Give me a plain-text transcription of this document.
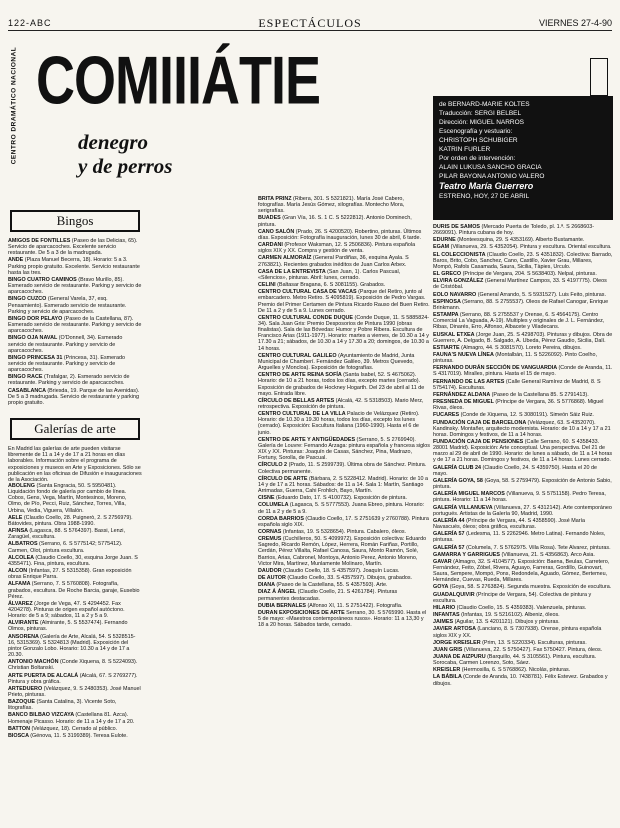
122-ABC	ESPECTÁCULOS	VIERNES 27-4-90
CENTRO DRAMÁTICO NACIONAL COMIIIÁTIE
denegro
y de perros
de BERNARD-MARIE KOLTES
Traducción: SERGI BELBEL
Dirección: MIGUEL NARROS
Escenografía y vestuario:
CHRISTOPH SCHUBIGER
KATRIN FURLER
Por orden de intervención:
ALAIN LUKUSA SANCHO GRACIA
PILAR BAYONA ANTONIO VALERO
Teatro María Guerrero
ESTRENO, HOY, 27 DE ABRIL
Bingos
AMIGOS DE FONTILLES (Paseo de las Delicias, 65). Servicio de aparcacoches. Excelente servicio restaurante. De 5 a 3 de la madrugada.
ANDE (Plaza Manuel Becerra, 18). Horario: 5 a 3. Parking propio gratuito. Excelente. Servicio restaurante hasta las tres.
BINGO CUATRO CAMINOS (Bravo Murillo, 85). Esmerado servicio de restaurante. Parking y servicio de aparcacoches.
BINGO CUZCO (General Varela, 37, esq. Pensamiento). Esmerado servicio de restaurante. Parking y servicio de aparcacoches.
BINGO DOR PELAYO (Paseo de la Castellana, 87). Esmerado servicio de restaurante. Parking y servicio de aparcacoches.
BINGO OJA NAVAL (O'Donnell, 34). Esmerado servicio de restaurante. Parking y servicio de aparcacoches.
BINGO PRINCESA 31 (Princesa, 31). Esmerado servicio de restaurante. Parking y servicio de aparcacoches.
BINGO RACE (Trafalgar, 2). Esmerado servicio de restaurante. Parking y servicio de aparcacoches.
CASABLANCA (Briesda, 19. Parque de las Avenidas). De 5 a 3 madrugada. Servicio de restaurante y parking propio gratuito.
Galerías de arte
En Madrid las galerías de arte pueden visitarse libremente de 11 a 14 y de 17 a 21 horas en días laborables. Información sobre el programa de exposiciones y museos en Arte y Exposiciones. Sólo se publicación en las oficinas de Difusión e inauguraciones de la Asociación.
ABOLENG (Santa Engracia, 50. S 5950481). Liquidación fondo de galería por cambio de línea. Cobos, Gens, Vega, Martín, Montesinos, Moreno, Olmo, de Pío, Pecci, Ruiz, Sánchez, Torres, Villa, Urbina, Vedia, Viguera, Villalón.
AELE (Claudio Coello, 28. Puignerò, 2. S 2756979). Bátovides, pintura. Obra 1988-1990.
AFINSA (Lagasca, 88. S 5764397). Bassi, Lenzi, Zaragüel, escultura.
ALBATROS (Serrano, 6. S 5775142; 5775412). Carmen, Olot, pintura escultura.
ALCOLEA (Claudio Coello, 30, esquina Jorge Juan. S 4355471). Fina, pintura, escultura.
ALCON (Infantas, 27. S 5315358). Gran exposición obras Enrique Parra.
ALFAMA (Serrano, 7. S 5760808). Fotografía, grabados, escultura. De Roche Barcia, garaje, Eusebio Pérez.
ÁLVAREZ (Jorge de Vega, 47. S 4294452. Fax 4204278). Pinturas de origen español autóctono. Horario: de 5 a 9; sábados, 11 a 2 y 5 a 9.
ALVIRANTE (Almirante, 5. S 5537474). Fernando Olmos, pinturas.
ANSORENA (Galería de Arte, Alcalá, 54. S 5328515-16, 5315369). S 5324813 (Madrid). Exposición del pintor Gonzalo Lobo. Horario: 10.30 a 14 y de 17 a 20.30.
ANTONIO MACHÓN (Conde Xiquena, 8. S 5224093). Christian Boltanski.
ARTE PUERTA DE ALCALÁ (Alcalá, 67. S 2769277). Pintura y obra gráfica.
ARTEDUERO (Velázquez, 9. S 2480353). José Manuel Prieto, pinturas.
BAZOQUE (Santa Catalina, 3). Vicente Soto, litografías.
BANCO BILBAO VIZCAYA (Castellana 81. Azca). Homenaje Picasso. Horario: de 11 a 14 y de 17 a 20.
BATTON (Velázquez, 18). Cerrado al público.
BIOSCA (Génova, 11. S 3199389). Teresa Eulote.
BRITA PRINZ (Ribera, 301. S 5321821). María José Cabero, fotografías. María Jesús Gómez, xilografías. Montecho Mora, serigrafías.
BUADES (Gran Vía, 16. S. 1 C. S 5222812). Antonio Dominech, pintura.
CANO SALÓN (Prado, 26. S 4200520). Robertino, pinturas. Últimos días. Exposición: Fotografía inauguración, lunes 30 de abril, 6 tarde.
CARDANI (Profesor Waksman, 12. S 2506836). Pintura española siglos XIX y XX. Compra y gestión de venta.
CARMEN ALMORAÍZ (General Pardiñas, 36, esquina Ayala. S 2763821). Recientes grabados inéditos de Juan Carlos Arbex.
CASA DE LA ENTREVISTA (San Juan, 1). Carlos Pascual, «Silencios», pinturas. Abril: lunes, cerrado.
CELINI (Baltasar Bragana, 6. S 3081155). Grabados.
CENTRO CULTURAL CASA DE VACAS (Parque del Retiro, junto al embarcadero. Metro Retiro. S 4095819). Exposición de Pedro Vargas. Premio del Primer Certamen de Pintura Ricardo Rauso del Buen Retiro. De 11 a 2 y de 5 a 9. Lunes cerrado.
CENTRO CULTURAL CONDE DUQUE (Conde Duque, 11. S 5885824-34). Sala Juan Gris: Premio Desposorios de Pintura 1990 (obras finalistas). Sala de las Bóvedas: Humor y Pobre Ribera. Escultura de Francisco Arias (1911-1977). Horario: martes a viernes, de 10.30 a 14 y 17.30 a 21; sábados, de 10.30 a 14 y 17.30 a 20; domingos, de 10.30 a 14 horas.
CENTRO CULTURAL GALILEO (Ayuntamiento de Madrid, Junta Municipal de Chamberí. Fernández Galileo, 39. Metros Quevedo, Arguelles y Moncloa). Exposición de fotografías.
CENTRO DE ARTE REINA SOFÍA (Santa Isabel, 52. S 4675062). Horario: de 10 a 21 horas, todos los días, excepto martes (cerrado). Exposición de grabados de Hockney Hogarth. Del 23 de abril al 11 de mayo. Entrada libre.
CÍRCULO DE BELLAS ARTES (Alcalá, 42. S 5318503). Mario Merz, retrospectiva. Exposición de pintura.
CENTRO CULTURAL DE LA VILLA Palacio de Velázquez (Retiro). Horario: de 10.30 a 19.30 horas, todos los días, excepto los lunes (cerrado). Exposición: Escultura Italiana (1960-1990). Hasta el 6 de junio.
CENTRO DE ARTE Y ANTIGÜEDADES (Serrano, 5. S 2769940). Galería de Louvre: Fernando Arzaga: pintura española y francesa siglos XIX y XX. Pinturas: Joaquín de Casas, Sánchez, Pina, Madrazo, Fortuny, Sorolla, de Pascual.
CÍRCULO 2 (Prado, 11. S 2599739). Última obra de Sánchez. Pintura. Colectiva permanente.
CÍRCULO DE ARTE (Bárbara, 2. S 5228412. Madrid). Horario: de 10 a 14 y de 17 a 21 horas. Sábados: de 11 a 14. Sala 1: Martín, Santiago Arrimadas, Guerra, Cahi Frohlich, Bayo, Martín.
CISNE (Eduardo Dato, 17. S 4100732). Exposición de pintura.
COLUMELA (Lagasca, 5. S 5777553). Juana Ebreo, pintura. Horario: de 11 a 2 y de 5 a 9.
CORDA BARRIOS (Claudio Coello, 17. S 2751639 y 2760788). Pintura española siglo XIX.
CORNAS (Infantas, 19. S 5328654). Pintura. Cabalero, óleos.
CREMUS (Cuchilleros, 50. S 4099972). Exposición colectiva: Eduardo Sagredo, Ricardo Remón, López, Herrera, Román Fariñas, Portillo, Cerdán, Pérez Villalta, Rafael Canosa, Saura, Monto Ramón, Solé, Barrios, Arias, Cabronel, Montoya, Antonio Perez, Antonio Moreno, Victor Mira, Martínez, Munlamente Molinaro, Martín.
DAUDOR (Claudio Coello, 18. S 4357597). Joaquín Lucas.
DE AUTOR (Claudio Coello, 33. S 4357597). Dibujos, grabados.
DIANA (Paseo de la Castellana, 55. S 4357593). Arte.
DIAZ Á ÁNGEL (Claudio Coello, 21. S 4261784). Pinturas permanentes destacadas.
DUBIA BERNALES (Alfonso XI, 11. S 2751422). Fotografía.
DURAN EXPOSICIONES DE ARTE Serrano, 30. S 5765990. Hasta el 5 de mayo: «Maestros contemporáneos rusos». Horario: 11 a 13,30 y 18 a 20 horas. Sábados tarde, cerrado.
DURIS DE SAMOS (Mercado Puerta de Toledo, pl. 1.ª. S 2668603-2669091). Pintura cubana de hoy.
EDURNE (Monteesquina, 29. S 4353169). Alberto Bustamante.
EGAM (Villanueva, 29. S 4352054). Pintura y escultura. Oriental escultura.
EL COLECCIONISTA (Claudio Coello, 23. S 4351832). Colectiva: Barrado, Baros, Brito, Cobo, Sanchez, Cano, Castillo, Xavier Grau, Millares, Mompó, Rafols Casamada, Saura, Sicilia, Tàpies, Urculo.
EL GRECO (Príncipe de Vergara, 204. S 5638403). Nelpal, pinturas.
ELVIRA GONZÁLEZ (General Martínez Campos, 33. S 4197775). Oleos de Cristóbal.
EOLO NAVARRO (General Arrando, 5. S 5931527). Luis Feito, pinturas.
ESPINOSA (Serrano, 88. S 2755537). Oleos de Rafael Canogar, Enrique Brinkmann.
ESTAMPA (Serrano, 88. S 2755537 y Orense, 6. S 4564175). Centro Comercial La Vaguada, A-19). Multiples y originales de J. L. Fernández, Ribas, Dinarés, Erro, Alfonso, Albacete y Viladecans.
EUSKAL ETXEA (Jorge Juan, 25. S 4298703). Pinturas y dibujos. Obra de Guerrero, A. Delgado, B. Salgado, A. Ubeda, Pérez Gaudio, Sicilia, Dalí.
ESTIARTE (Almagro, 44. S 3081570). Loreto Pereira, dibujos.
FAUNA'S NUEVA LÍNEA (Montalbán, 11. S 5226092). Pinto Coelho, pinturas.
FERNANDO DURÁN SECCIÓN DE VANGUARDIA (Conde de Aranda, 11. S 4317019). Miralles, pintura. Hasta el 15 de mayo.
FERNANDO DE LAS ARTES (Calle General Ramírez de Madrid, 8. S 5754174). Esculturas.
FERNÁNDEZ ALDANA (Paseo de la Castellana 85. S 2791413).
FRESNEDA DE MIGUEL (Príncipe de Vergara, 36. S 5776868). Miguel Rivas, óleos.
FUCARES (Conde de Xiquena, 12. S 3080191). Simeón Sáiz Ruiz.
FUNDACIÓN CAJA DE BARCELONA (Velázquez, 63. S 4352070). Kandinsky. Montañer, arquitecto modernista. Horario: de 10 a 14 y 17 a 21 horas. Domingos y festivos, de 11 a 14 horas.
FUNDACIÓN CAJA DE PENSIONES (Calle Serrano, 60. S 4358433. 28001 Madrid). Exposición: Arte conceptual. Una perspectiva. Del 21 de marzo al 29 de abril de 1990. Horario: de lunes a sábado, de 11 a 14 horas y de 17 a 21 horas. Domingos y festivos, de 11 a 14 horas. Lunes cerrado.
GALERÍA CLUB 24 (Claudio Coello, 24. S 4359750). Hasta el 20 de mayo.
GALERÍA GOYA, 58 (Goya, 58. S 2759479). Exposición de Antonio Sabio, pintura.
GALERÍA MIGUEL MARCOS (Villanueva, 9. S 5751158). Pedro Teresa, pintura. Horario: 11 a 14 horas.
GALERÍA VILLANUEVA (Villanueva, 27. S 4312142). Arte contemporáneo portugués. Artistas de la Galería 90, Madrid, 1990.
GALERÍA 44 (Príncipe de Vergara, 44. S 4358590). José María Navascués, óleos; obra gráfica, esculturas.
GALERÍA 57 (Ledesma, 11. S 2262946. Metro Latina). Fernando Noles, pinturas.
GALERÍA 57 (Columela, 7. S 5762975. Villa Rosa). Tete Alvarez, pinturas.
GAMARRA Y GARRIGUES (Villanueva, 21. S 4356863). Arco Asia.
GAVAR (Almagro, 32. S 4104577). Exposición: Baena, Beulas, Carretero, Fernández, Feito, Zóbel, Rivera, Aguayo, Farreras, Gordillo, Guinovart, Saura, Sempere, Mompó, Pons, Redondela, Aguado, Gómez, Bertemeu, Hernández, Cuevas, Rueda, Millares.
GOYA (Goya, 58. S 2763824). Segunda muestra. Exposición de escultura.
GUADALQUIVIR (Príncipe de Vergara, 54). Colectiva de pintura y escultura.
HILARIO (Claudio Coello, 15. S 4359383). Valenzuela, pinturas.
INFANTAS (Infantas, 19. S 5216102). Albeniz, óleos.
JAIMES (Aguilar, 13. S 4201121). Dibujos y pinturas.
JAVIER ARTOSA (Lanciano, 8. S 7307938). Orense, pintura española siglos XIX y XX.
JORGE KREISLER (Prim, 13. S 5220334). Esculturas, pinturas.
JUAN GRIS (Villanueva, 22. S 5750427). Fax 5750427. Pintura, óleos.
JUANA DE AIZPURU (Barquillo, 44. S 3105561). Pintura, escultura. Sorocaba, Carmen Lorenzo, Soto, Sáez.
KREISLER (Hermosilla, 6. S 5768862). Nicolás, pinturas.
LA BÁBILA (Conde de Aranda, 10. 7438781). Félix Estevez. Grabados y dibujos.
